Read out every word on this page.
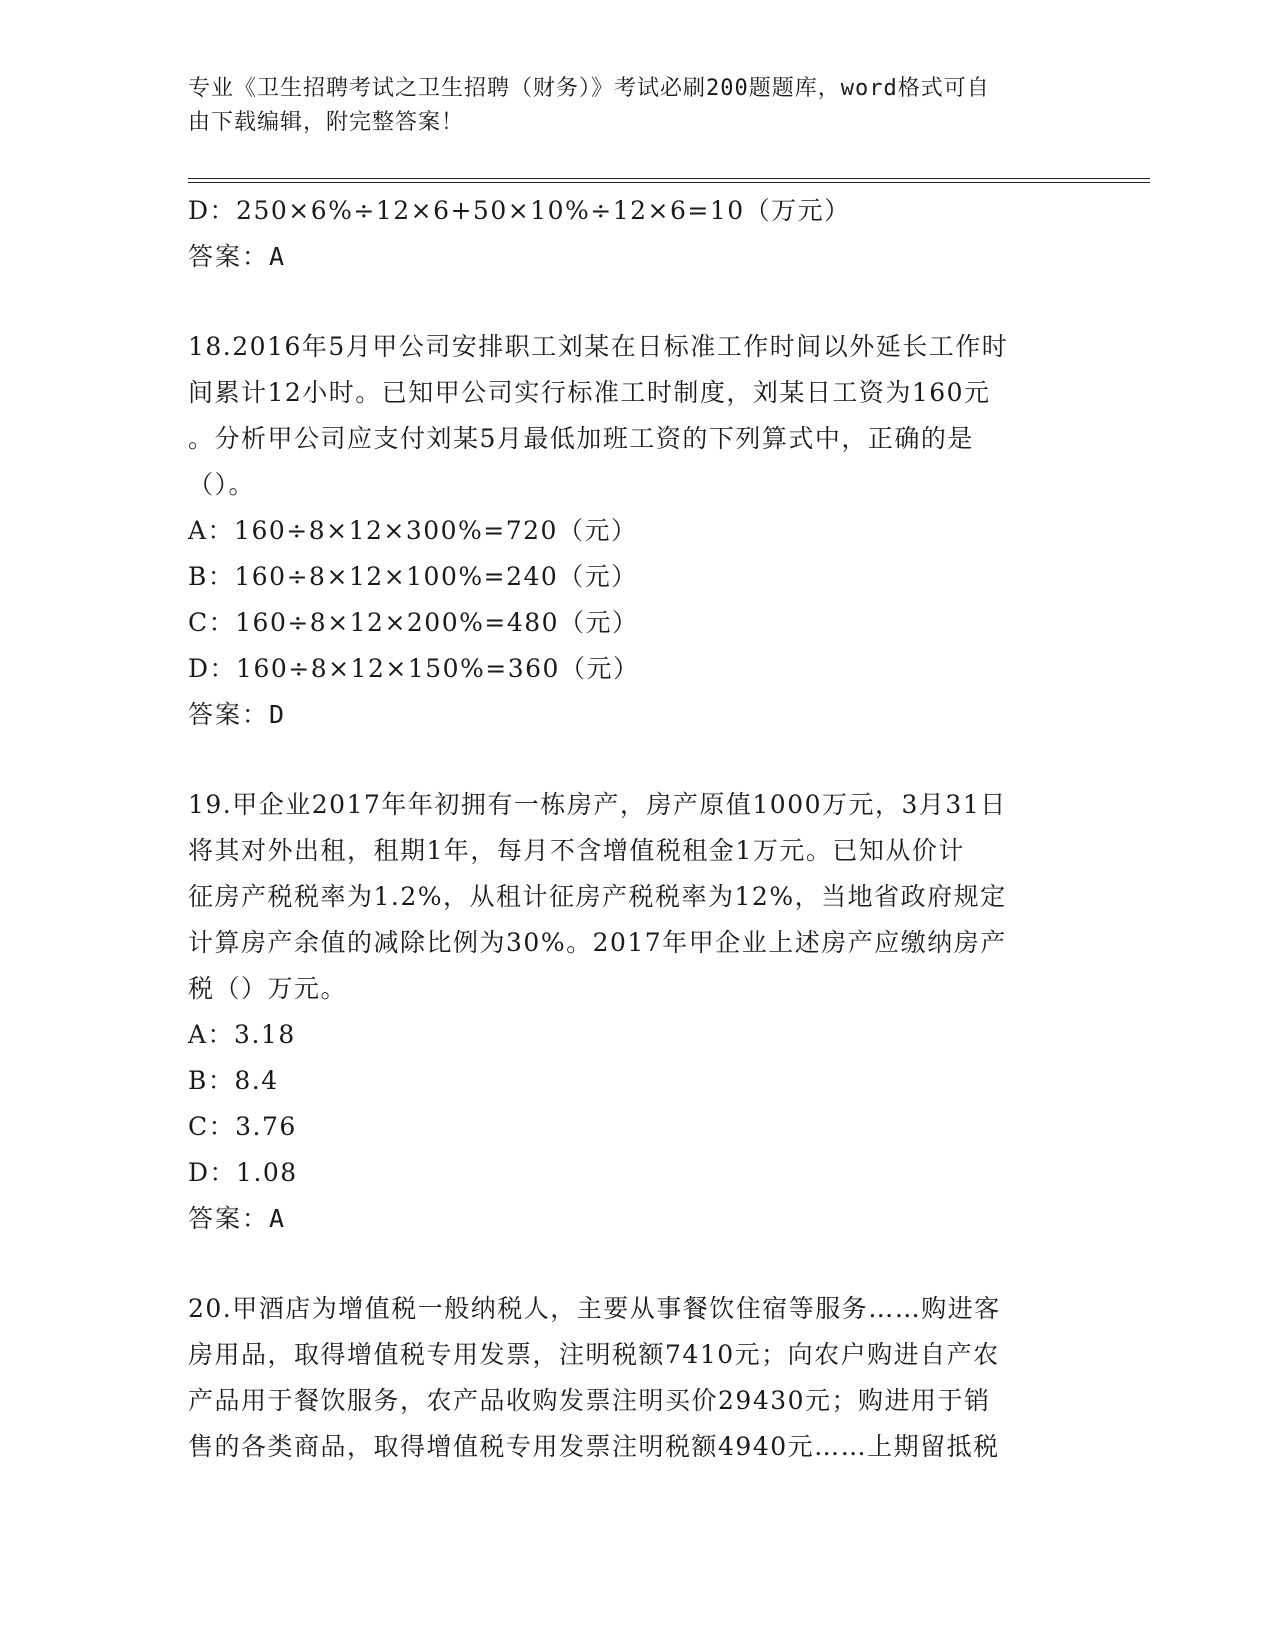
专业《卫生招聘考试之卫生招聘（财务）》考试必刷200题题库，word格式可自
由下载编辑，附完整答案！
D：250×6%÷12×6+50×10%÷12×6=10（万元）
答案：A
18.2016年5月甲公司安排职工刘某在日标准工作时间以外延长工作时
间累计12小时。已知甲公司实行标准工时制度，刘某日工资为160元
。分析甲公司应支付刘某5月最低加班工资的下列算式中，正确的是
（）。
A：160÷8×12×300%=720（元）
B：160÷8×12×100%=240（元）
C：160÷8×12×200%=480（元）
D：160÷8×12×150%=360（元）
答案：D
19.甲企业2017年年初拥有一栋房产，房产原值1000万元，3月31日
将其对外出租，租期1年，每月不含增值税租金1万元。已知从价计
征房产税税率为1.2%，从租计征房产税税率为12%，当地省政府规定
计算房产余值的减除比例为30%。2017年甲企业上述房产应缴纳房产
税（）万元。
A：3.18
B：8.4
C：3.76
D：1.08
答案：A
20.甲酒店为增值税一般纳税人，主要从事餐饮住宿等服务……购进客
房用品，取得增值税专用发票，注明税额7410元；向农户购进自产农
产品用于餐饮服务，农产品收购发票注明买价29430元；购进用于销
售的各类商品，取得增值税专用发票注明税额4940元……上期留抵税
